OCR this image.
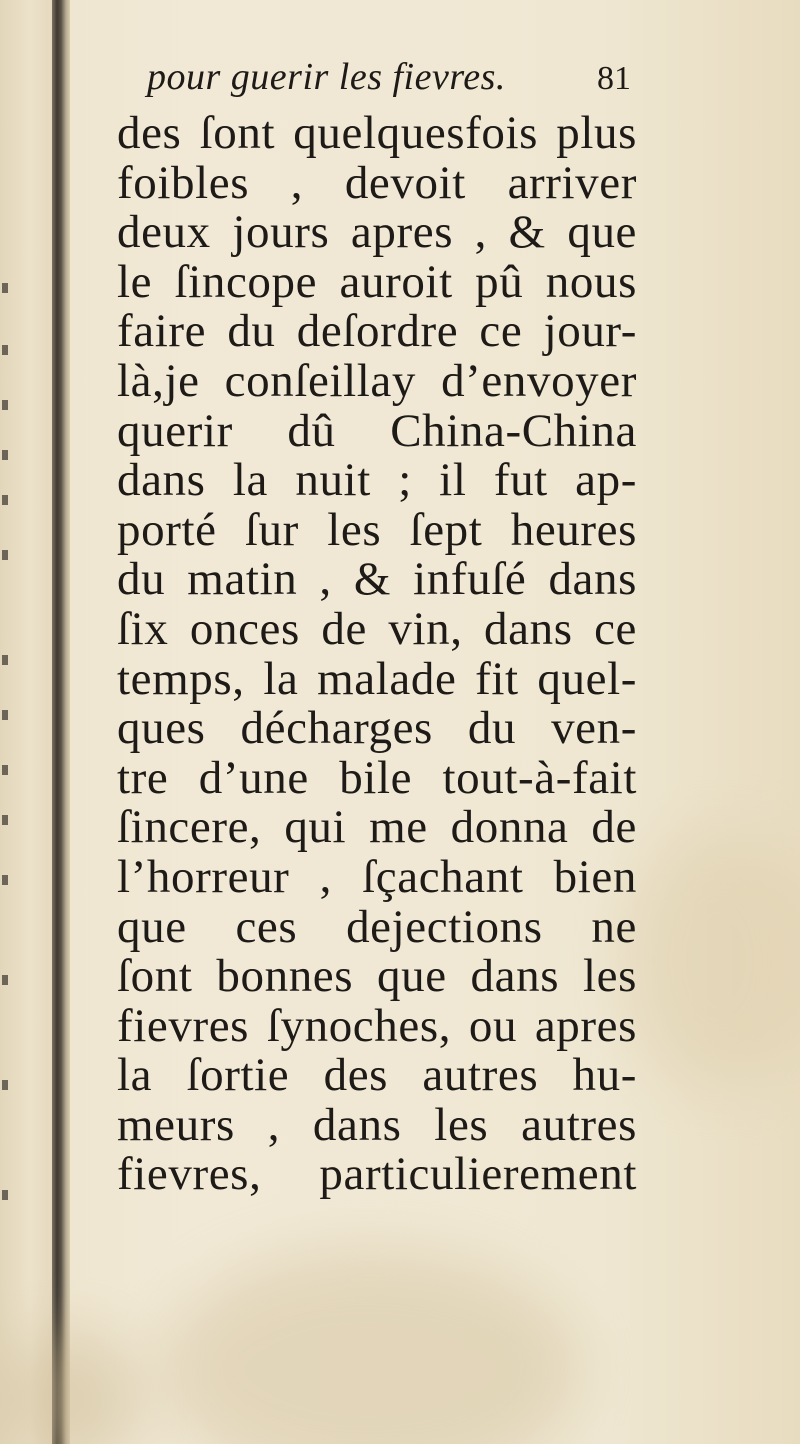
pour guerir les fievres.	81
des ſont quelquesfois plus
foibles , devoit arriver
deux jours apres , & que
le ſincope auroit pû nous
faire du deſordre ce jour-
là,je conſeillay d’envoyer
querir dû China-China
dans la nuit ; il fut ap-
porté ſur les ſept heures
du matin , & infuſé dans
ſix onces de vin, dans ce
temps, la malade fit quel-
ques décharges du ven-
tre d’une bile tout-à-fait
ſincere, qui me donna de
l’horreur , ſçachant bien
que ces dejections ne
ſont bonnes que dans les
fievres ſynoches, ou apres
la ſortie des autres hu-
meurs , dans les autres
fievres, particulierement
